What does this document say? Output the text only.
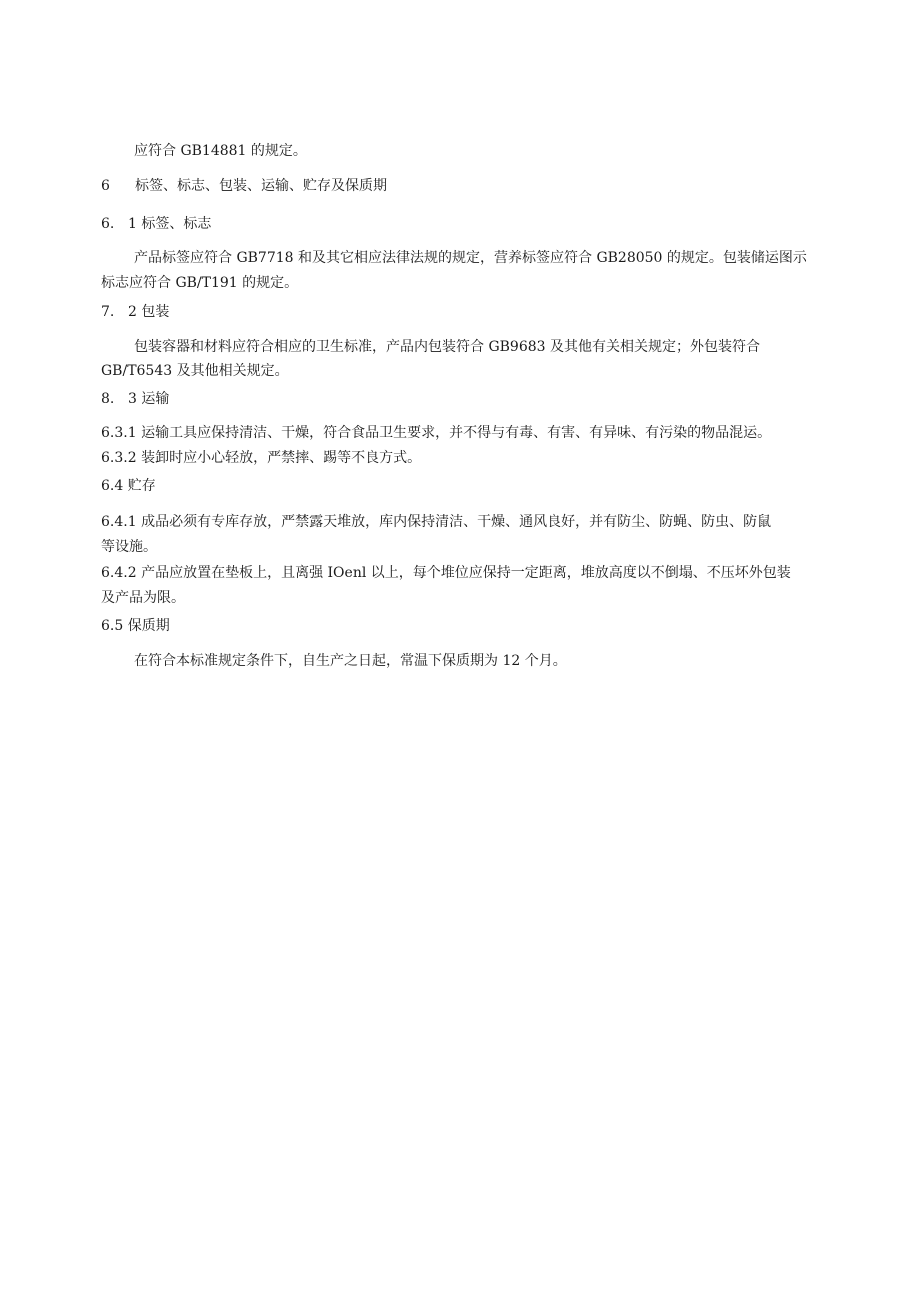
应符合 GB14881 的规定。
6 标签、标志、包装、运输、贮存及保质期
6. 1 标签、标志
产品标签应符合 GB7718 和及其它相应法律法规的规定，营养标签应符合 GB28050 的规定。包装储运图示
标志应符合 GB/T191 的规定。
7. 2 包装
包装容器和材料应符合相应的卫生标准，产品内包装符合 GB9683 及其他有关相关规定；外包装符合
GB/T6543 及其他相关规定。
8. 3 运输
6.3.1 运输工具应保持清洁、干燥，符合食品卫生要求，并不得与有毒、有害、有异味、有污染的物品混运。
6.3.2 装卸时应小心轻放，严禁摔、踢等不良方式。
6.4 贮存
6.4.1 成品必须有专库存放，严禁露天堆放，库内保持清洁、干燥、通风良好，并有防尘、防蝇、防虫、防鼠
等设施。
6.4.2 产品应放置在垫板上，且离强 IOenl 以上，每个堆位应保持一定距离，堆放高度以不倒塌、不压坏外包装
及产品为限。
6.5 保质期
在符合本标准规定条件下，自生产之日起，常温下保质期为 12 个月。
